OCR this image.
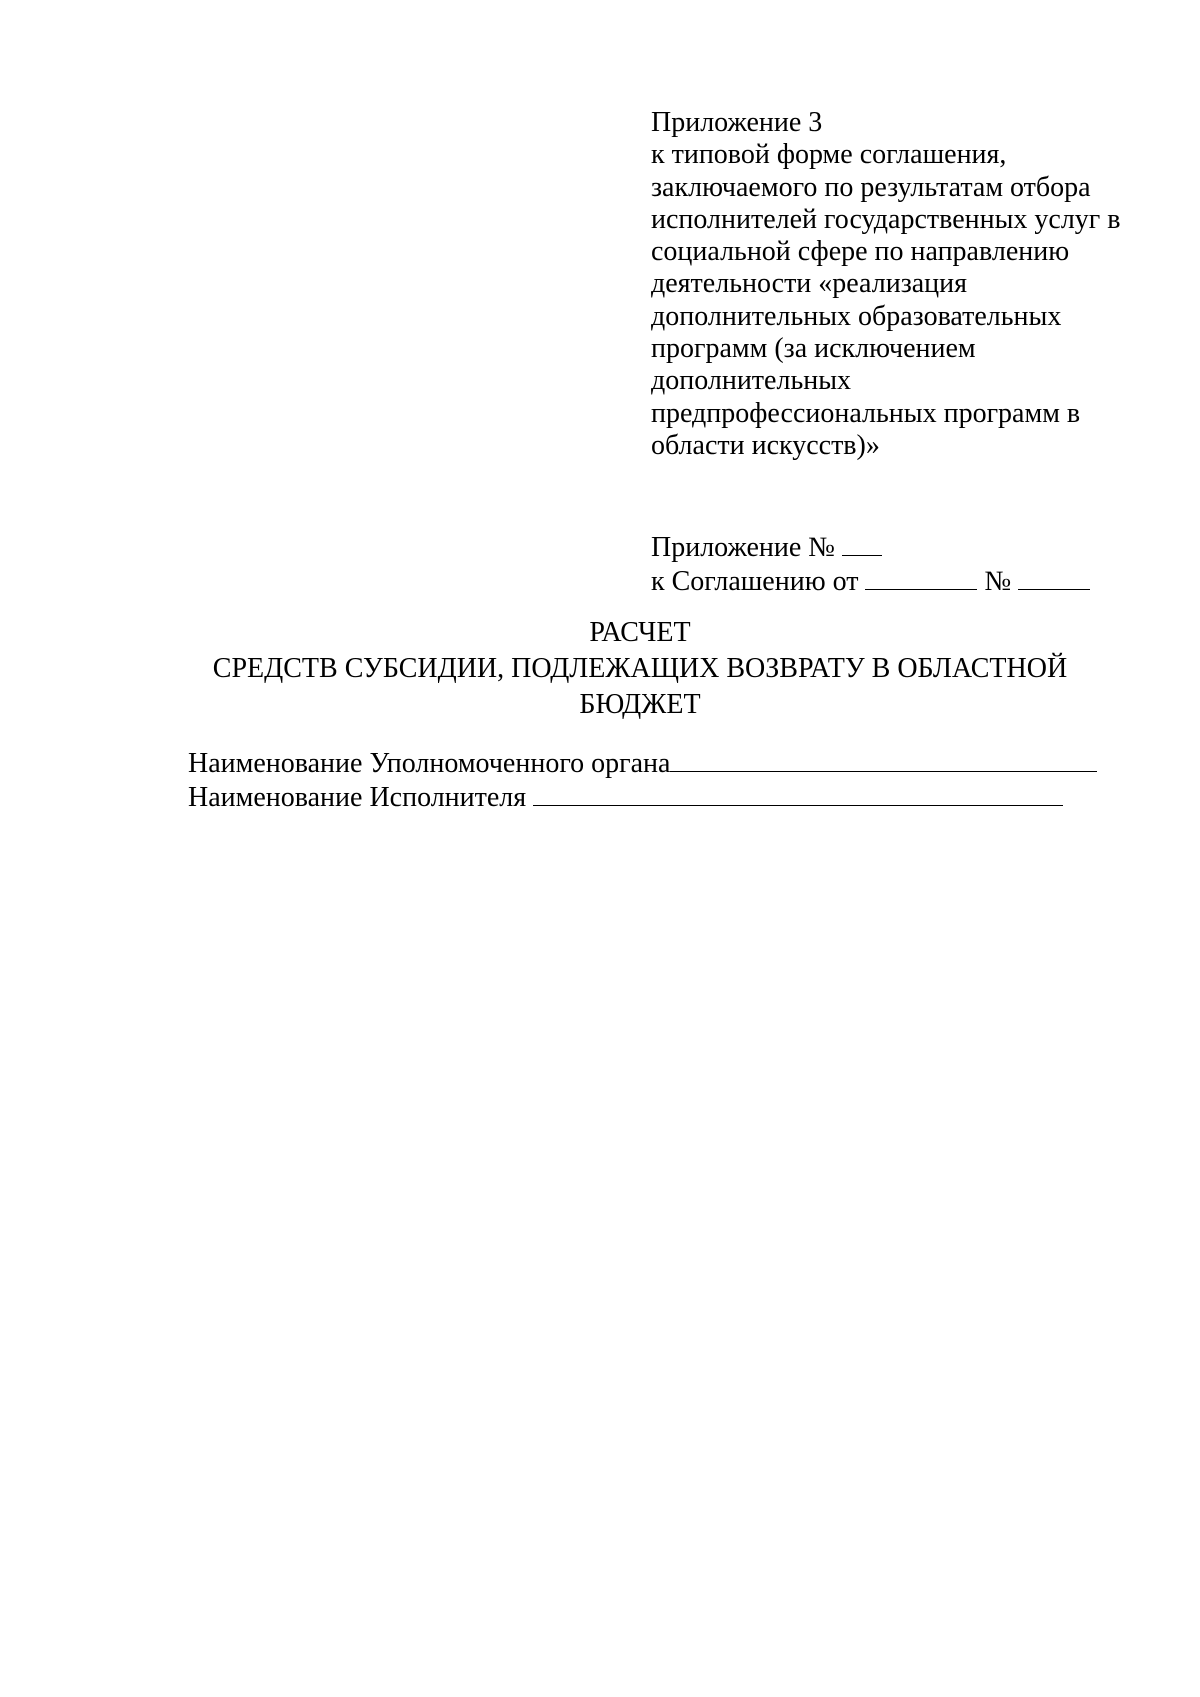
Приложение 3
к типовой форме соглашения,
заключаемого по результатам отбора
исполнителей государственных услуг в
социальной сфере по направлению
деятельности «реализация
дополнительных образовательных
программ (за исключением
дополнительных
предпрофессиональных программ в
области искусств)»
Приложение №
к Соглашению от	№
РАСЧЕТ
СРЕДСТВ СУБСИДИИ, ПОДЛЕЖАЩИХ ВОЗВРАТУ В ОБЛАСТНОЙ
БЮДЖЕТ
Наименование Уполномоченного органа
Наименование Исполнителя
